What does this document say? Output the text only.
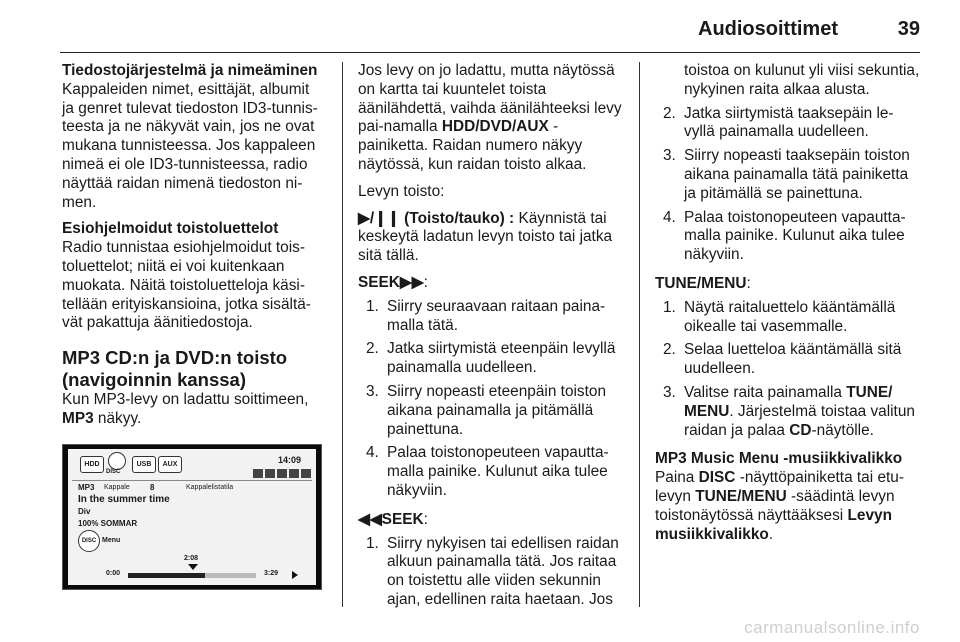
Audiosoittimet	39
Tiedostojärjestelmä ja nimeäminen

Kappaleiden nimet, esittäjät, albumit ja genret tulevat tiedoston ID3-tunnis-teesta ja ne näkyvät vain, jos ne ovat mukana tunnisteessa. Jos kappaleen nimeä ei ole ID3-tunnisteessa, radio näyttää raidan nimenä tiedoston ni-men.

Esiohjelmoidut toistoluettelot

Radio tunnistaa esiohjelmoidut tois-toluettelot; niitä ei voi kuitenkaan muokata. Näitä toistoluetteloja käsi-tellään erityiskansioina, jotka sisältä-vät pakattuja äänitiedostoja.

MP3 CD:n ja DVD:n toisto (navigoinnin kanssa)

Kun MP3-levy on ladattu soittimeen,
MP3 näkyy.

HDD
DISC
USB	AUX	14:09
MP3 Kappale	8	Kappalelistatila
In the summer time
Div
100% SOMMAR
DISC Menu
2:08
0:00	3:29

Jos levy on jo ladattu, mutta näytössä on kartta tai kuuntelet toista äänilähdettä, vaihda äänilähteeksi levy pai-namalla HDD/DVD/AUX -painiketta. Raidan numero näkyy näytössä, kun raidan toisto alkaa.

Levyn toisto:

▶/❙❙ (Toisto/tauko) : Käynnistä tai keskeytä ladatun levyn toisto tai jatka sitä tällä.

SEEK▶▶:

1. Siirry seuraavaan raitaan paina-malla tätä.
2. Jatka siirtymistä eteenpäin levyllä painamalla uudelleen.
3. Siirry nopeasti eteenpäin toiston aikana painamalla ja pitämällä painettuna.
4. Palaa toistonopeuteen vapautta-malla painike. Kulunut aika tulee näkyviin.

◀◀SEEK:

1. Siirry nykyisen tai edellisen raidan alkuun painamalla tätä. Jos raitaa on toistettu alle viiden sekunnin ajan, edellinen raita haetaan. Jos
toistoa on kulunut yli viisi sekuntia, nykyinen raita alkaa alusta.
2. Jatka siirtymistä taaksepäin le-vyllä painamalla uudelleen.
3. Siirry nopeasti taaksepäin toiston aikana painamalla tätä painiketta ja pitämällä se painettuna.
4. Palaa toistonopeuteen vapautta-malla painike. Kulunut aika tulee näkyviin.

TUNE/MENU:

1. Näytä raitaluettelo kääntämällä oikealle tai vasemmalle.
2. Selaa luetteloa kääntämällä sitä uudelleen.
3. Valitse raita painamalla TUNE/ MENU. Järjestelmä toistaa valitun raidan ja palaa CD-näytölle.
MP3 Music Menu -musiikkivalikko

Paina DISC -näyttöpainiketta tai etu-levyn TUNE/MENU -säädintä levyn toistonäytössä näyttääksesi Levyn musiikkivalikko.

carmanualsonline.info
